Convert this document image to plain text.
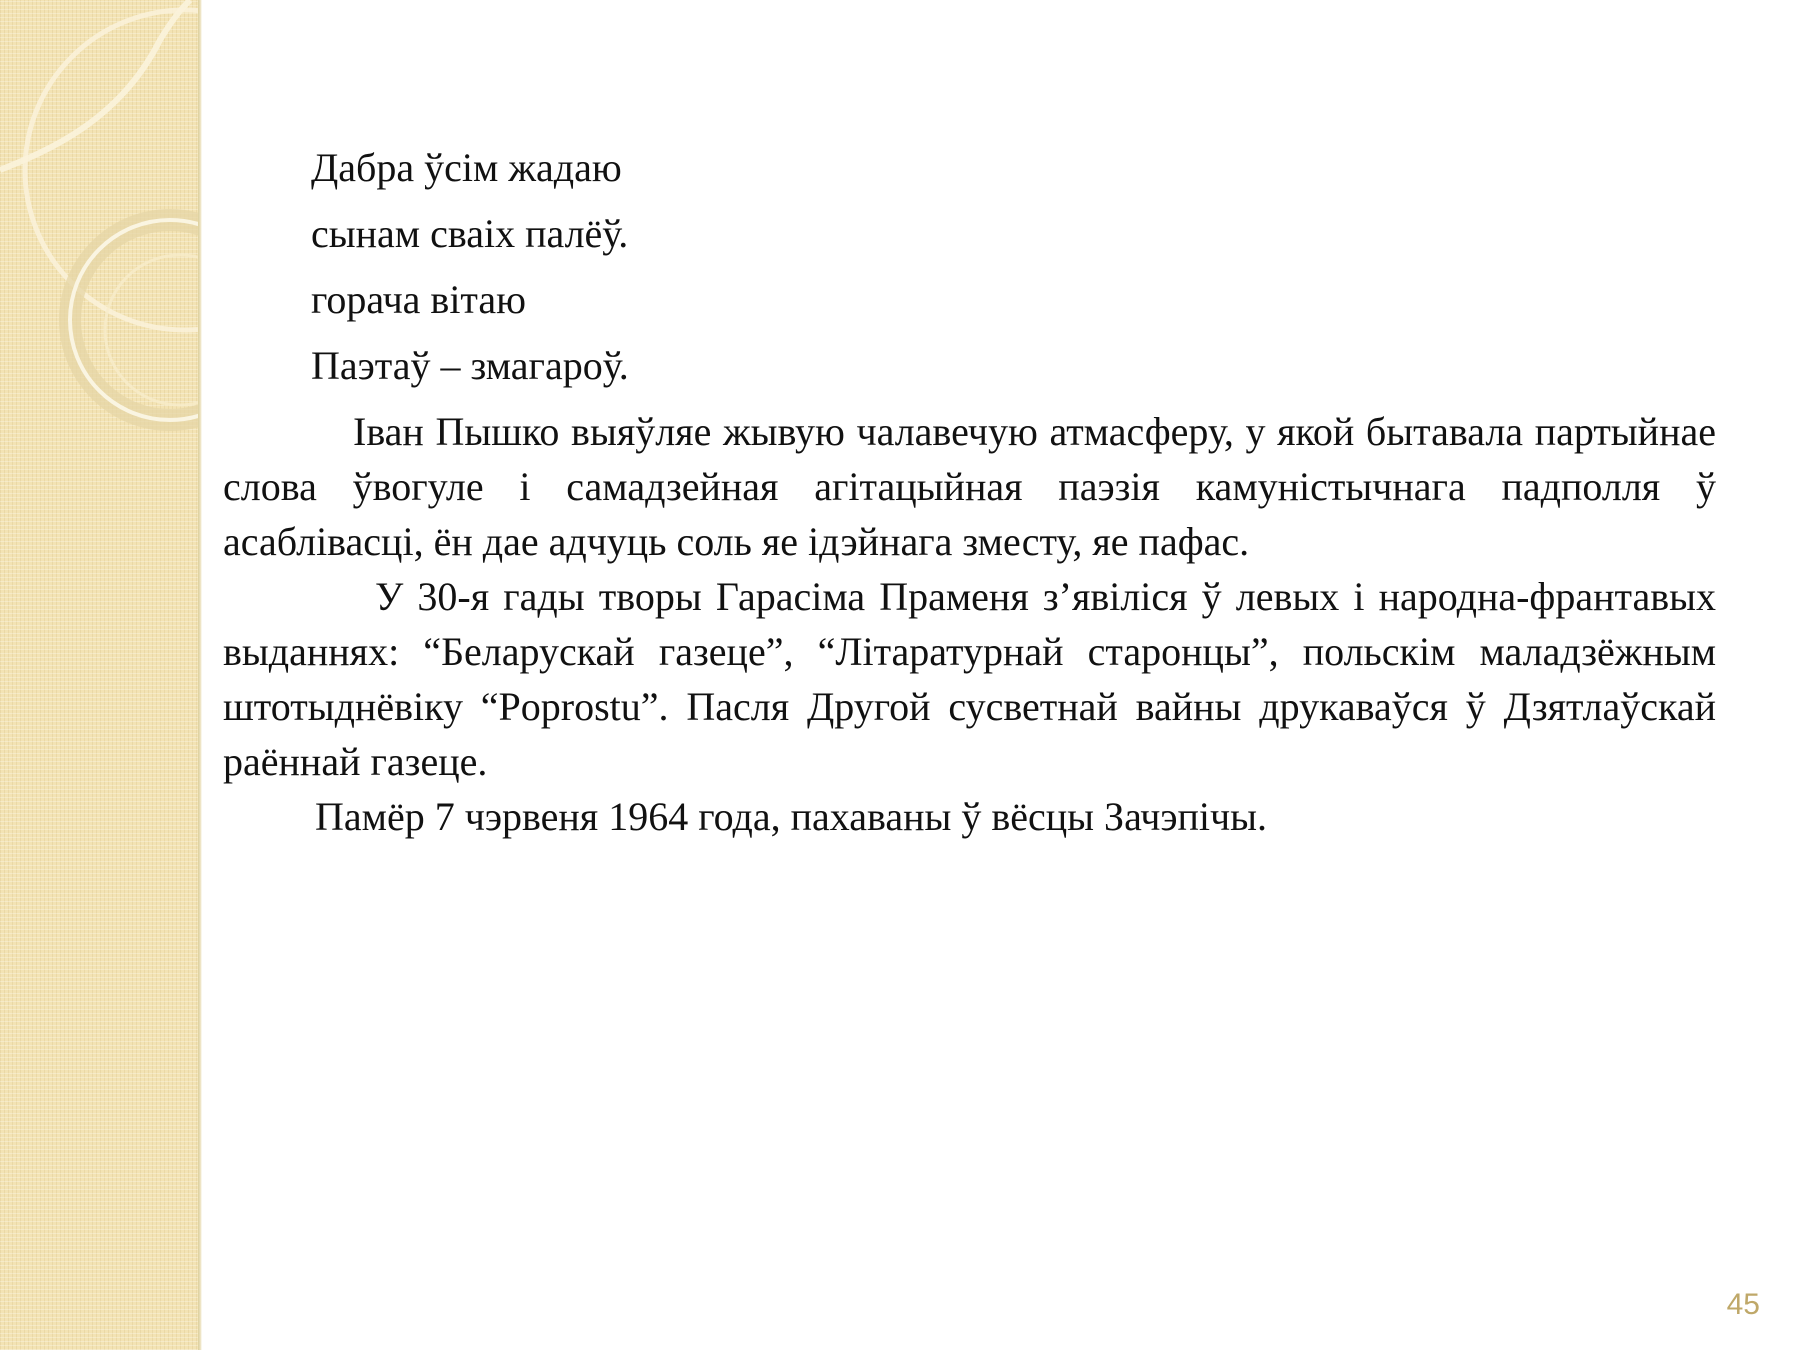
Дабра ўсім жадаю
сынам сваіх палёў.
горача вітаю
Паэтаў – змагароў.

Іван Пышко выяўляе жывую чалавечую атмасферу, у якой бытавала партыйнае слова ўвогуле і самадзейная агітацыйная паэзія камуністычнага падполля ў асаблівасці, ён дае адчуць соль яе ідэйнага зместу, яе пафас.

У 30-я гады творы Гарасіма Праменя з’явіліся ў левых і народна-франтавых выданнях: “Беларускай газеце”, “Літаратурнай старонцы”, польскім маладзёжным штотыднёвіку “Poprostu”. Пасля Другой сусветнай вайны друкаваўся ў Дзятлаўскай раённай газеце.

Памёр 7 чэрвеня 1964 года, пахаваны ў вёсцы Зачэпічы.

45
